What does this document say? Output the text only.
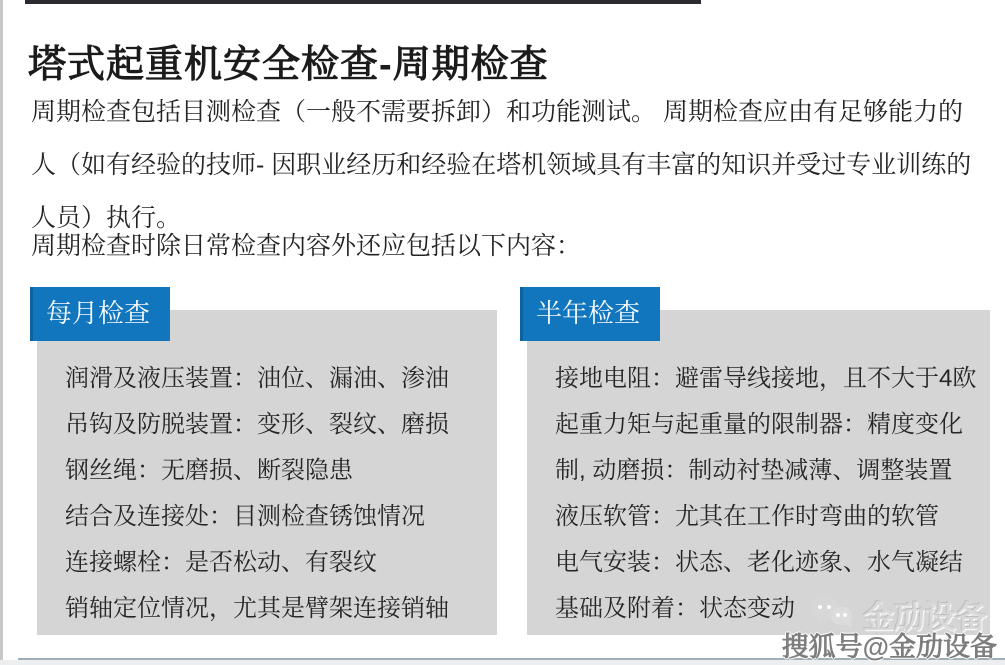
塔式起重机安全检查-周期检查
周期检查包括目测检查（一般不需要拆卸）和功能测试。 周期检查应由有足够能力的
人（如有经验的技师- 因职业经历和经验在塔机领域具有丰富的知识并受过专业训练的
人员）执行。
周期检查时除日常检查内容外还应包括以下内容：
每月检查
润滑及液压装置：油位、漏油、渗油
吊钩及防脱装置：变形、裂纹、磨损
钢丝绳：无磨损、断裂隐患
结合及连接处：目测检查锈蚀情况
连接螺栓：是否松动、有裂纹
销轴定位情况，尤其是臂架连接销轴
半年检查
接地电阻：避雷导线接地，且不大于4欧
起重力矩与起重量的限制器：精度变化
制, 动磨损：制动衬垫减薄、调整装置
液压软管：尤其在工作时弯曲的软管
电气安装：状态、老化迹象、水气凝结
基础及附着：状态变动	金劢设备
搜狐号@金劢设备
